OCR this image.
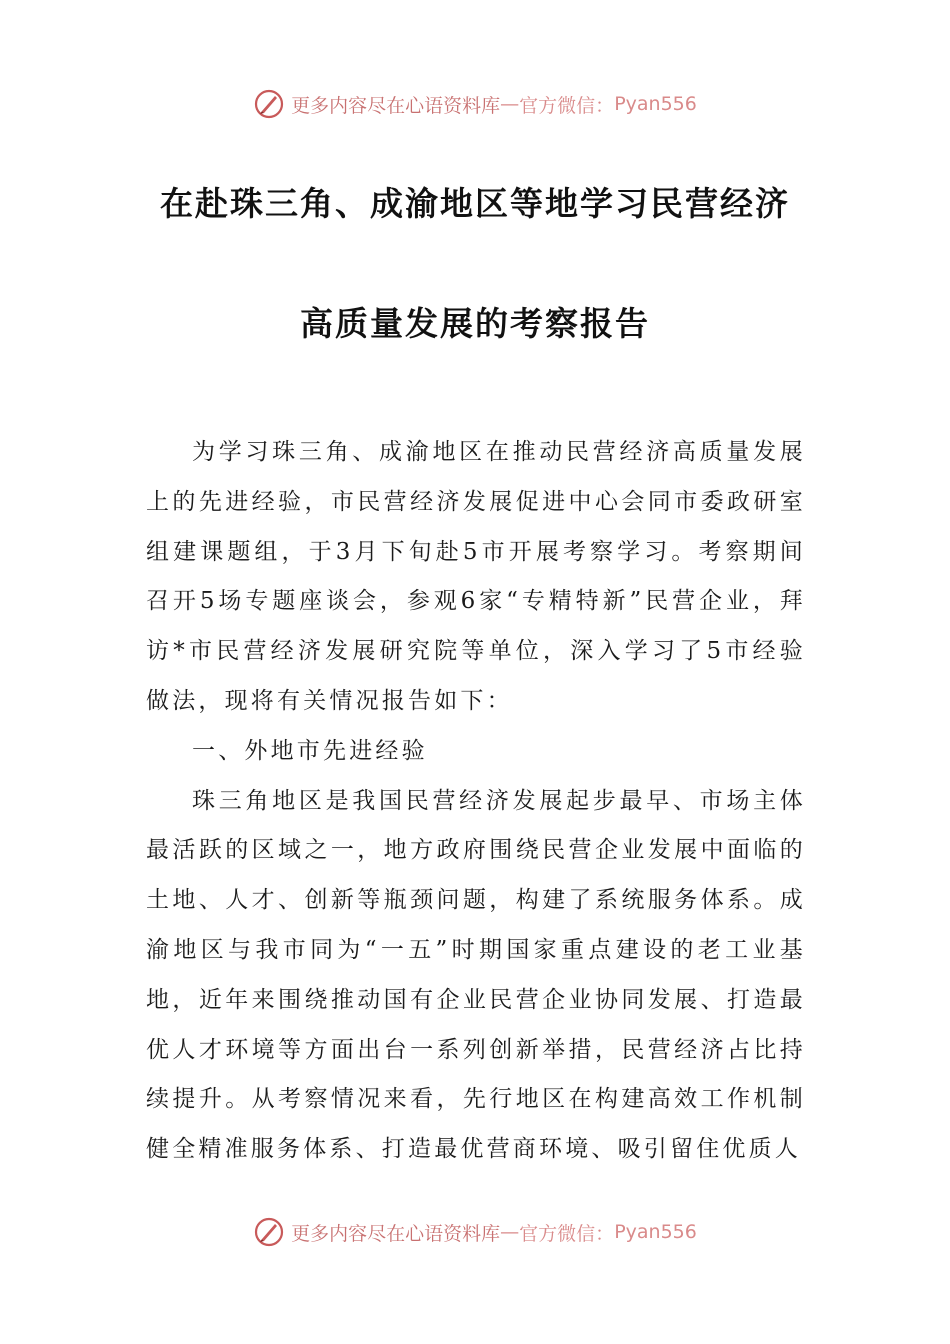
更多内容尽在心语资料库 — 官方微信： Pyan556
在赴珠三角、成渝地区等地学习民营经济
高质量发展的考察报告

为学习珠三角、成渝地区在推动民营经济高质量发展上的先进经验，市民营经济发展促进中心会同市委政研室组建课题组，于3月下旬赴5市开展考察学习。考察期间召开5场专题座谈会，参观6家“专精特新”民营企业，拜访*市民营经济发展研究院等单位，深入学习了5市经验做法，现将有关情况报告如下：

一、外地市先进经验

珠三角地区是我国民营经济发展起步最早、市场主体最活跃的区域之一，地方政府围绕民营企业发展中面临的土地、人才、创新等瓶颈问题，构建了系统服务体系。成渝地区与我市同为“一五”时期国家重点建设的老工业基地，近年来围绕推动国有企业民营企业协同发展、打造最优人才环境等方面出台一系列创新举措，民营经济占比持续提升。从考察情况来看，先行地区在构建高效工作机制健全精准服务体系、打造最优营商环境、吸引留住优质人

更多内容尽在心语资料库 — 官方微信： Pyan556
